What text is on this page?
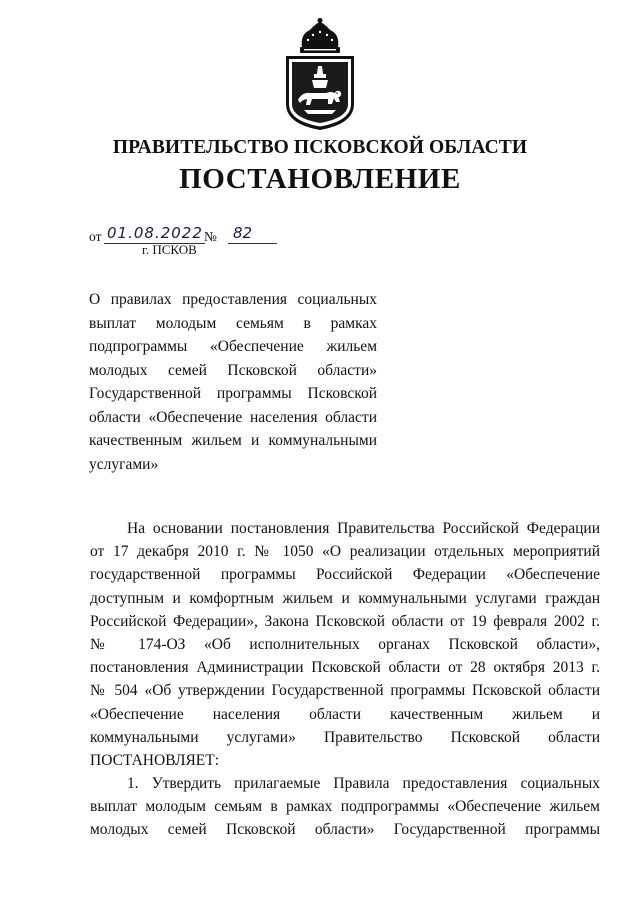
ПРАВИТЕЛЬСТВО ПСКОВСКОЙ ОБЛАСТИ
ПОСТАНОВЛЕНИЕ
от 01.08.2022 №	82
г. ПСКОВ
О правилах предоставления социальных
выплат молодым семьям в рамках
подпрограммы «Обеспечение жильем
молодых семей Псковской области»
Государственной программы Псковской
области «Обеспечение населения области
качественным жильем и коммунальными
услугами»
На основании постановления Правительства Российской Федерации
от 17 декабря 2010 г. № 1050 «О реализации отдельных мероприятий
государственной программы Российской Федерации «Обеспечение
доступным и комфортным жильем и коммунальными услугами граждан
Российской Федерации», Закона Псковской области от 19 февраля 2002 г.
№ 174-ОЗ «Об исполнительных органах Псковской области»,
постановления Администрации Псковской области от 28 октября 2013 г.
№ 504 «Об утверждении Государственной программы Псковской области
«Обеспечение населения области качественным жильем и
коммунальными услугами» Правительство Псковской области
ПОСТАНОВЛЯЕТ:
1. Утвердить прилагаемые Правила предоставления социальных
выплат молодым семьям в рамках подпрограммы «Обеспечение жильем
молодых семей Псковской области» Государственной программы
